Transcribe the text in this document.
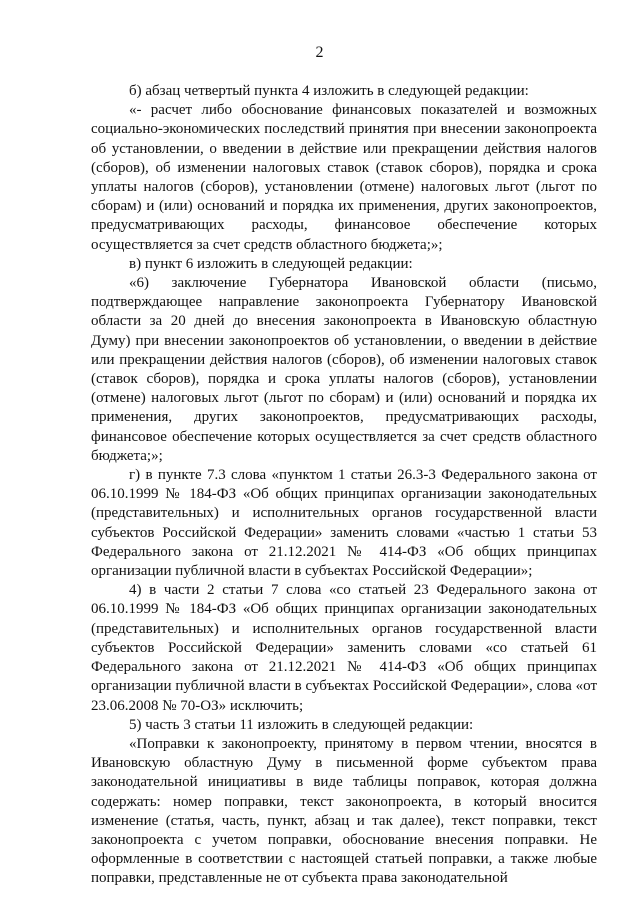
2

б) абзац четвертый пункта 4 изложить в следующей редакции:

«- расчет либо обоснование финансовых показателей и возможных социально-экономических последствий принятия при внесении законопроекта об установлении, о введении в действие или прекращении действия налогов (сборов), об изменении налоговых ставок (ставок сборов), порядка и срока уплаты налогов (сборов), установлении (отмене) налоговых льгот (льгот по сборам) и (или) оснований и порядка их применения, других законопроектов, предусматривающих расходы, финансовое обеспечение которых осуществляется за счет средств областного бюджета;»;

в) пункт 6 изложить в следующей редакции:

«6) заключение Губернатора Ивановской области (письмо, подтверждающее направление законопроекта Губернатору Ивановской области за 20 дней до внесения законопроекта в Ивановскую областную Думу) при внесении законопроектов об установлении, о введении в действие или прекращении действия налогов (сборов), об изменении налоговых ставок (ставок сборов), порядка и срока уплаты налогов (сборов), установлении (отмене) налоговых льгот (льгот по сборам) и (или) оснований и порядка их применения, других законопроектов, предусматривающих расходы, финансовое обеспечение которых осуществляется за счет средств областного бюджета;»;

г) в пункте 7.3 слова «пунктом 1 статьи 26.3-3 Федерального закона от 06.10.1999 № 184-ФЗ «Об общих принципах организации законодательных (представительных) и исполнительных органов государственной власти субъектов Российской Федерации» заменить словами «частью 1 статьи 53 Федерального закона от 21.12.2021 № 414-ФЗ «Об общих принципах организации публичной власти в субъектах Российской Федерации»;

4) в части 2 статьи 7 слова «со статьей 23 Федерального закона от 06.10.1999 № 184-ФЗ «Об общих принципах организации законодательных (представительных) и исполнительных органов государственной власти субъектов Российской Федерации» заменить словами «со статьей 61 Федерального закона от 21.12.2021 № 414-ФЗ «Об общих принципах организации публичной власти в субъектах Российской Федерации», слова «от 23.06.2008 № 70-ОЗ» исключить;

5) часть 3 статьи 11 изложить в следующей редакции:

«Поправки к законопроекту, принятому в первом чтении, вносятся в Ивановскую областную Думу в письменной форме субъектом права законодательной инициативы в виде таблицы поправок, которая должна содержать: номер поправки, текст законопроекта, в который вносится изменение (статья, часть, пункт, абзац и так далее), текст поправки, текст законопроекта с учетом поправки, обоснование внесения поправки. Не оформленные в соответствии с настоящей статьей поправки, а также любые поправки, представленные не от субъекта права законодательной
